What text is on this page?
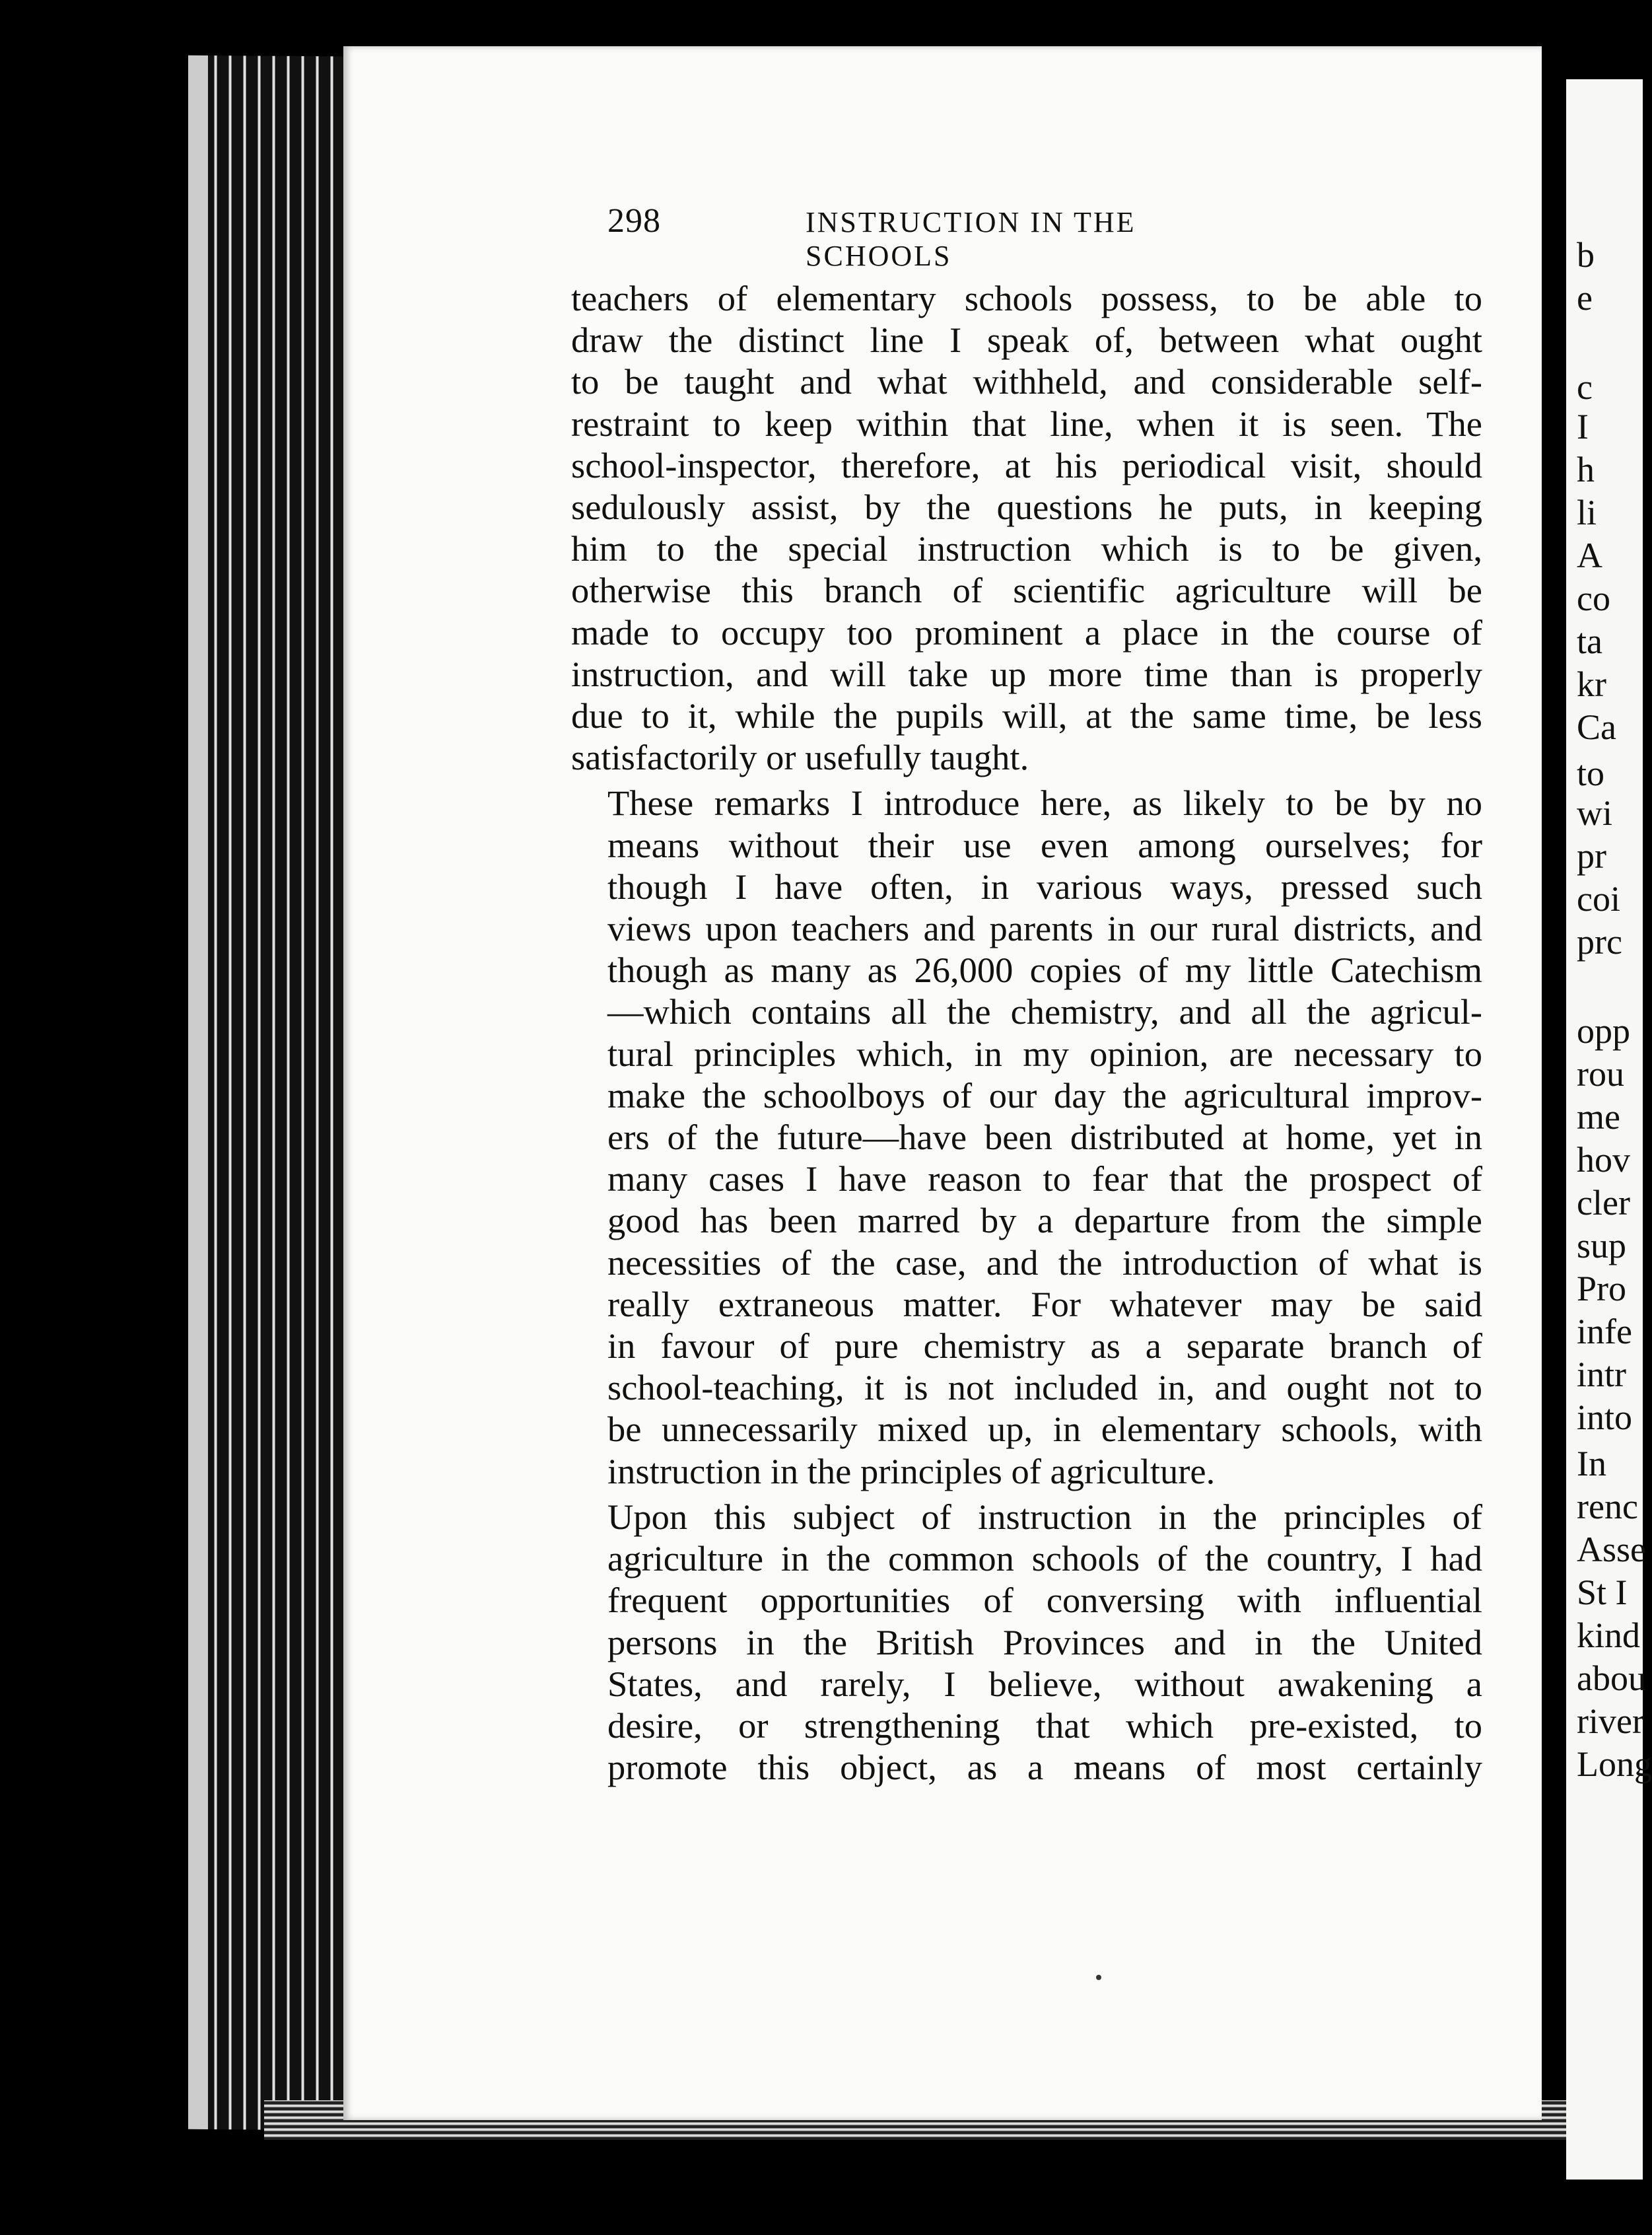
298	INSTRUCTION IN THE SCHOOLS

teachers of elementary schools possess, to be able to
draw the distinct line I speak of, between what ought
to be taught and what withheld, and considerable self-
restraint to keep within that line, when it is seen. The
school-inspector, therefore, at his periodical visit, should
sedulously assist, by the questions he puts, in keeping
him to the special instruction which is to be given,
otherwise this branch of scientific agriculture will be
made to occupy too prominent a place in the course of
instruction, and will take up more time than is properly
due to it, while the pupils will, at the same time, be less
satisfactorily or usefully taught.

These remarks I introduce here, as likely to be by no
means without their use even among ourselves; for
though I have often, in various ways, pressed such
views upon teachers and parents in our rural districts, and
though as many as 26,000 copies of my little Catechism
—which contains all the chemistry, and all the agricul-
tural principles which, in my opinion, are necessary to
make the schoolboys of our day the agricultural improv-
ers of the future—have been distributed at home, yet in
many cases I have reason to fear that the prospect of
good has been marred by a departure from the simple
necessities of the case, and the introduction of what is
really extraneous matter. For whatever may be said
in favour of pure chemistry as a separate branch of
school-teaching, it is not included in, and ought not to
be unnecessarily mixed up, in elementary schools, with
instruction in the principles of agriculture.

Upon this subject of instruction in the principles of
agriculture in the common schools of the country, I had
frequent opportunities of conversing with influential
persons in the British Provinces and in the United
States, and rarely, I believe, without awakening a
desire, or strengthening that which pre-existed, to
promote this object, as a means of most certainly

b
e
c
I
h
li
A
co
ta
kr
Ca
to
wi
pr
coi
prc
opp
rou
me
hov
cler
sup
Pro
infe
intr
into
In
renc
Asse
St I
kind
abou
river
Long
